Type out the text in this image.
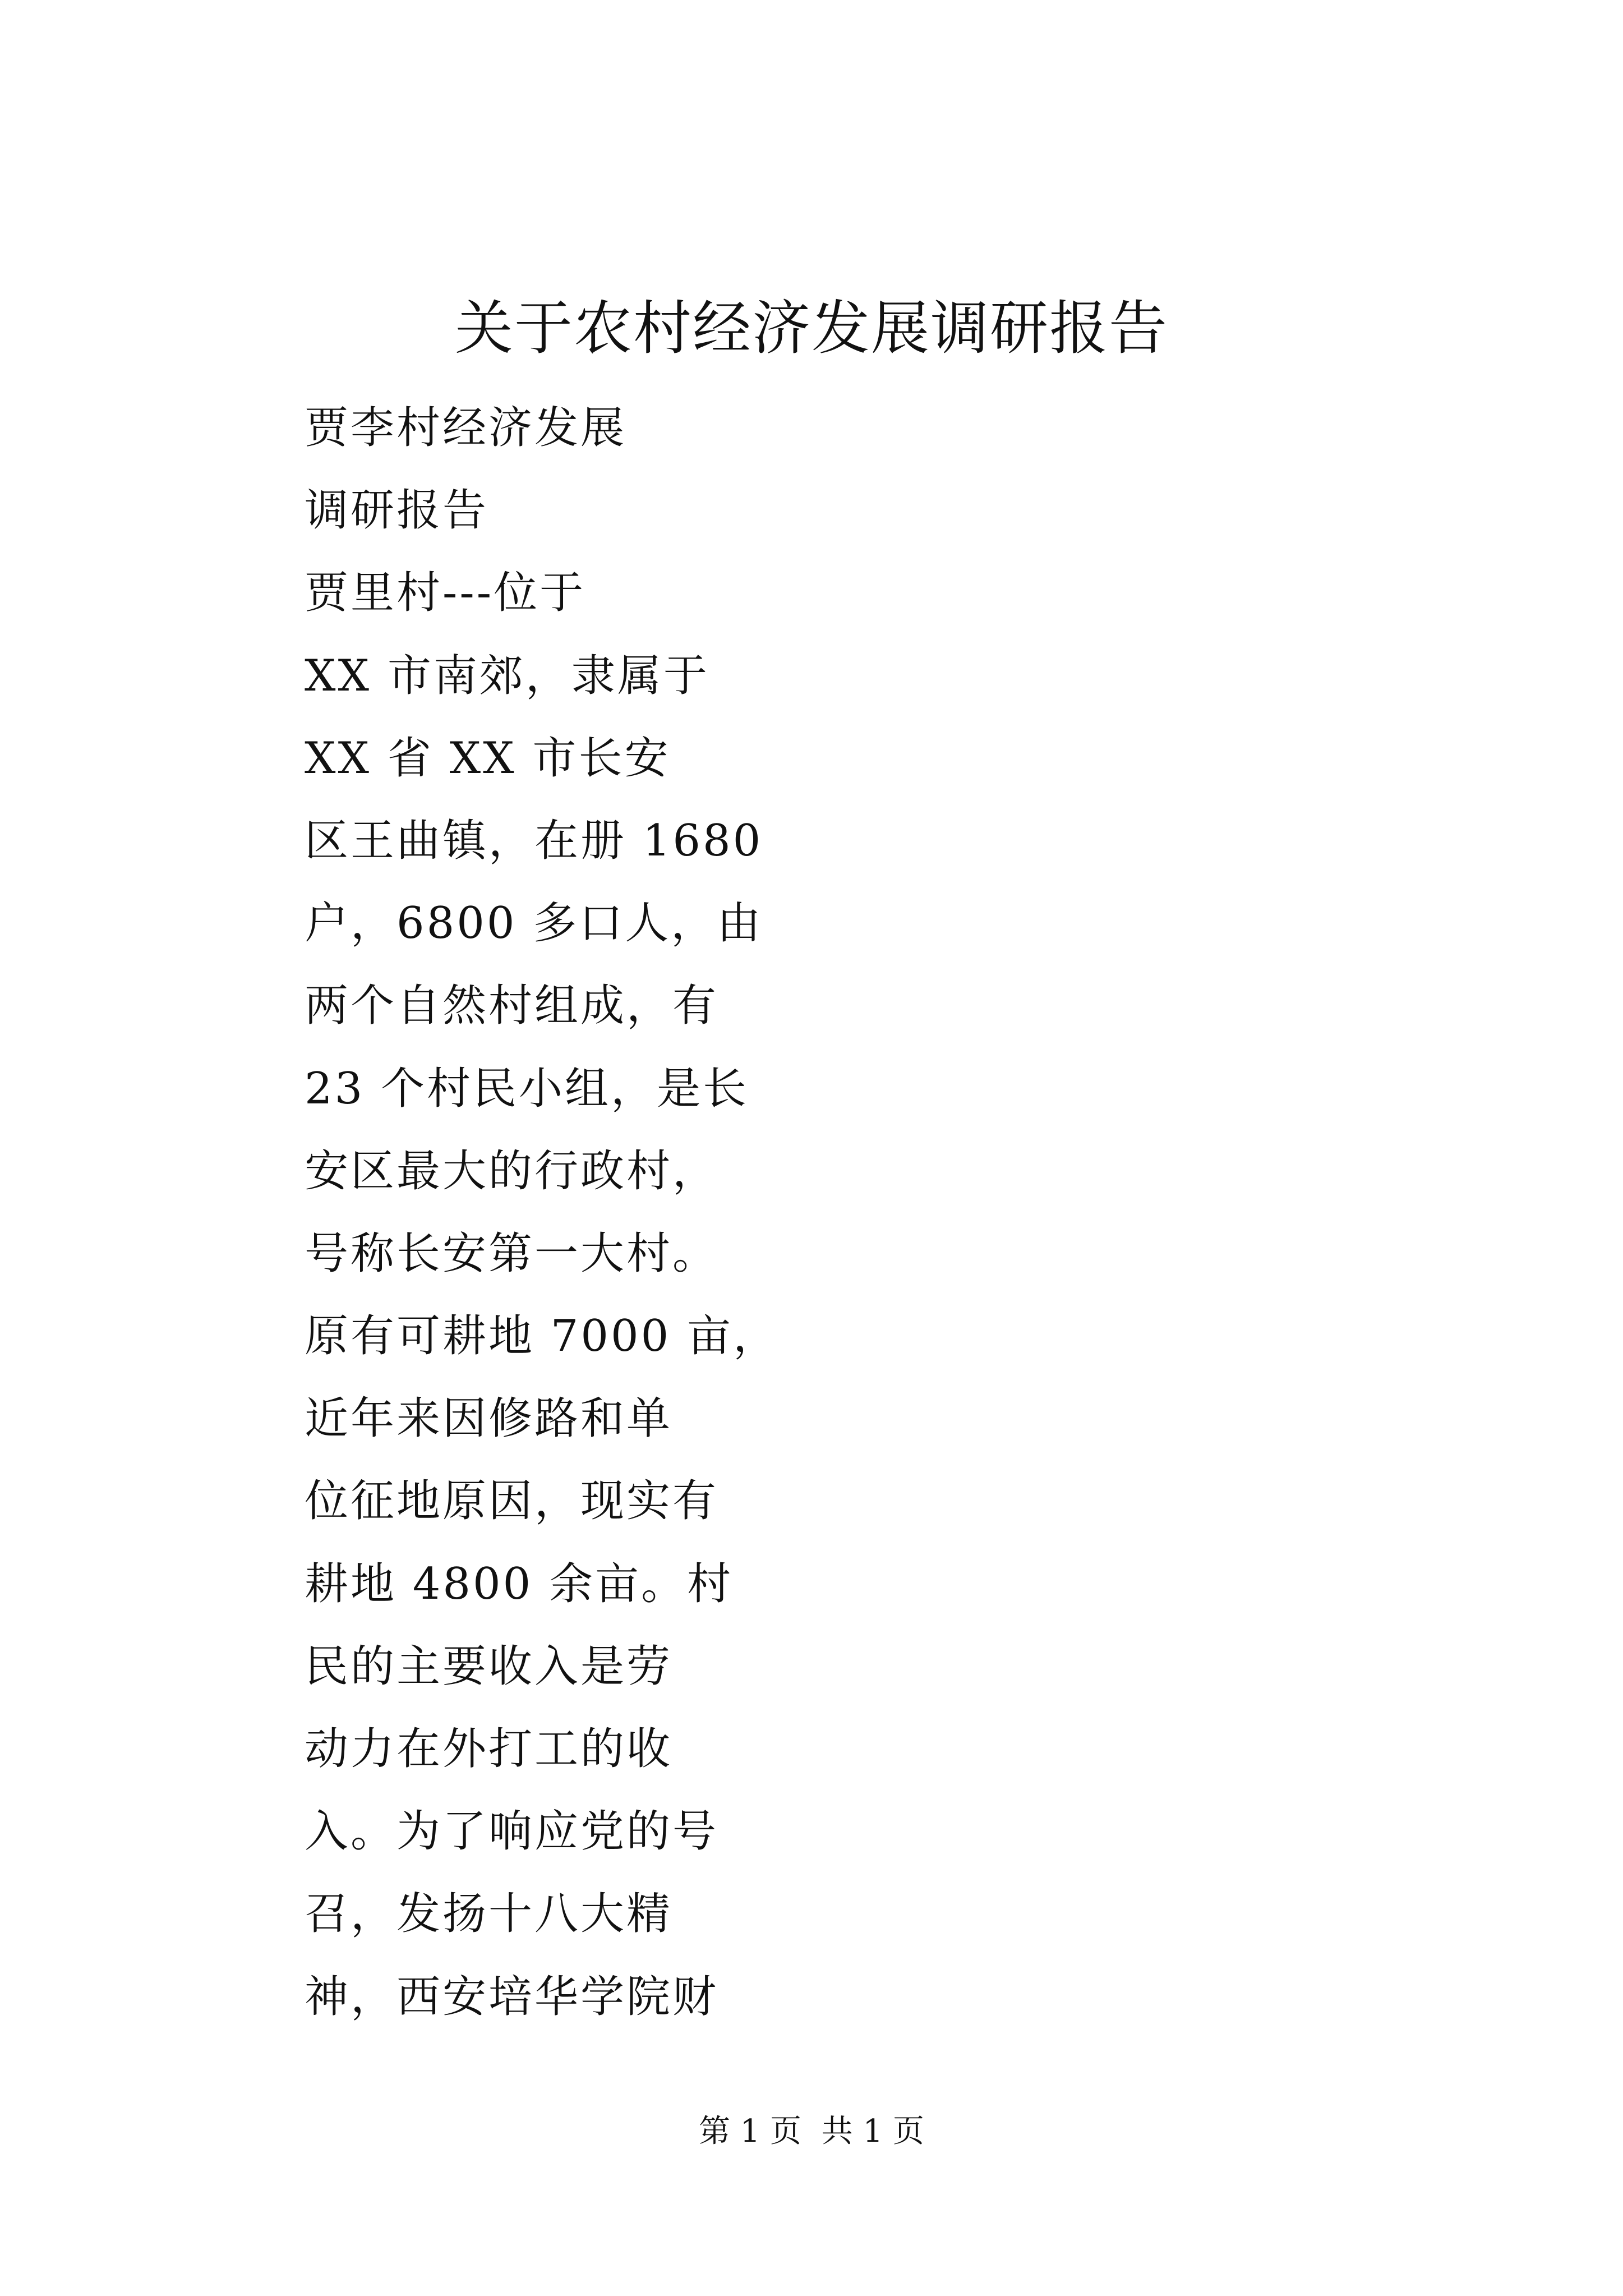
关于农村经济发展调研报告
贾李村经济发展
调研报告
贾里村---位于
XX 市南郊，隶属于
XX 省 XX 市长安
区王曲镇，在册 1680
户，6800 多口人，由
两个自然村组成，有
23 个村民小组，是长
安区最大的行政村，
号称长安第一大村。
原有可耕地 7000 亩，
近年来因修路和单
位征地原因，现实有
耕地 4800 余亩。村
民的主要收入是劳
动力在外打工的收
入。为了响应党的号
召，发扬十八大精
神，西安培华学院财
第 1 页 共 1 页
